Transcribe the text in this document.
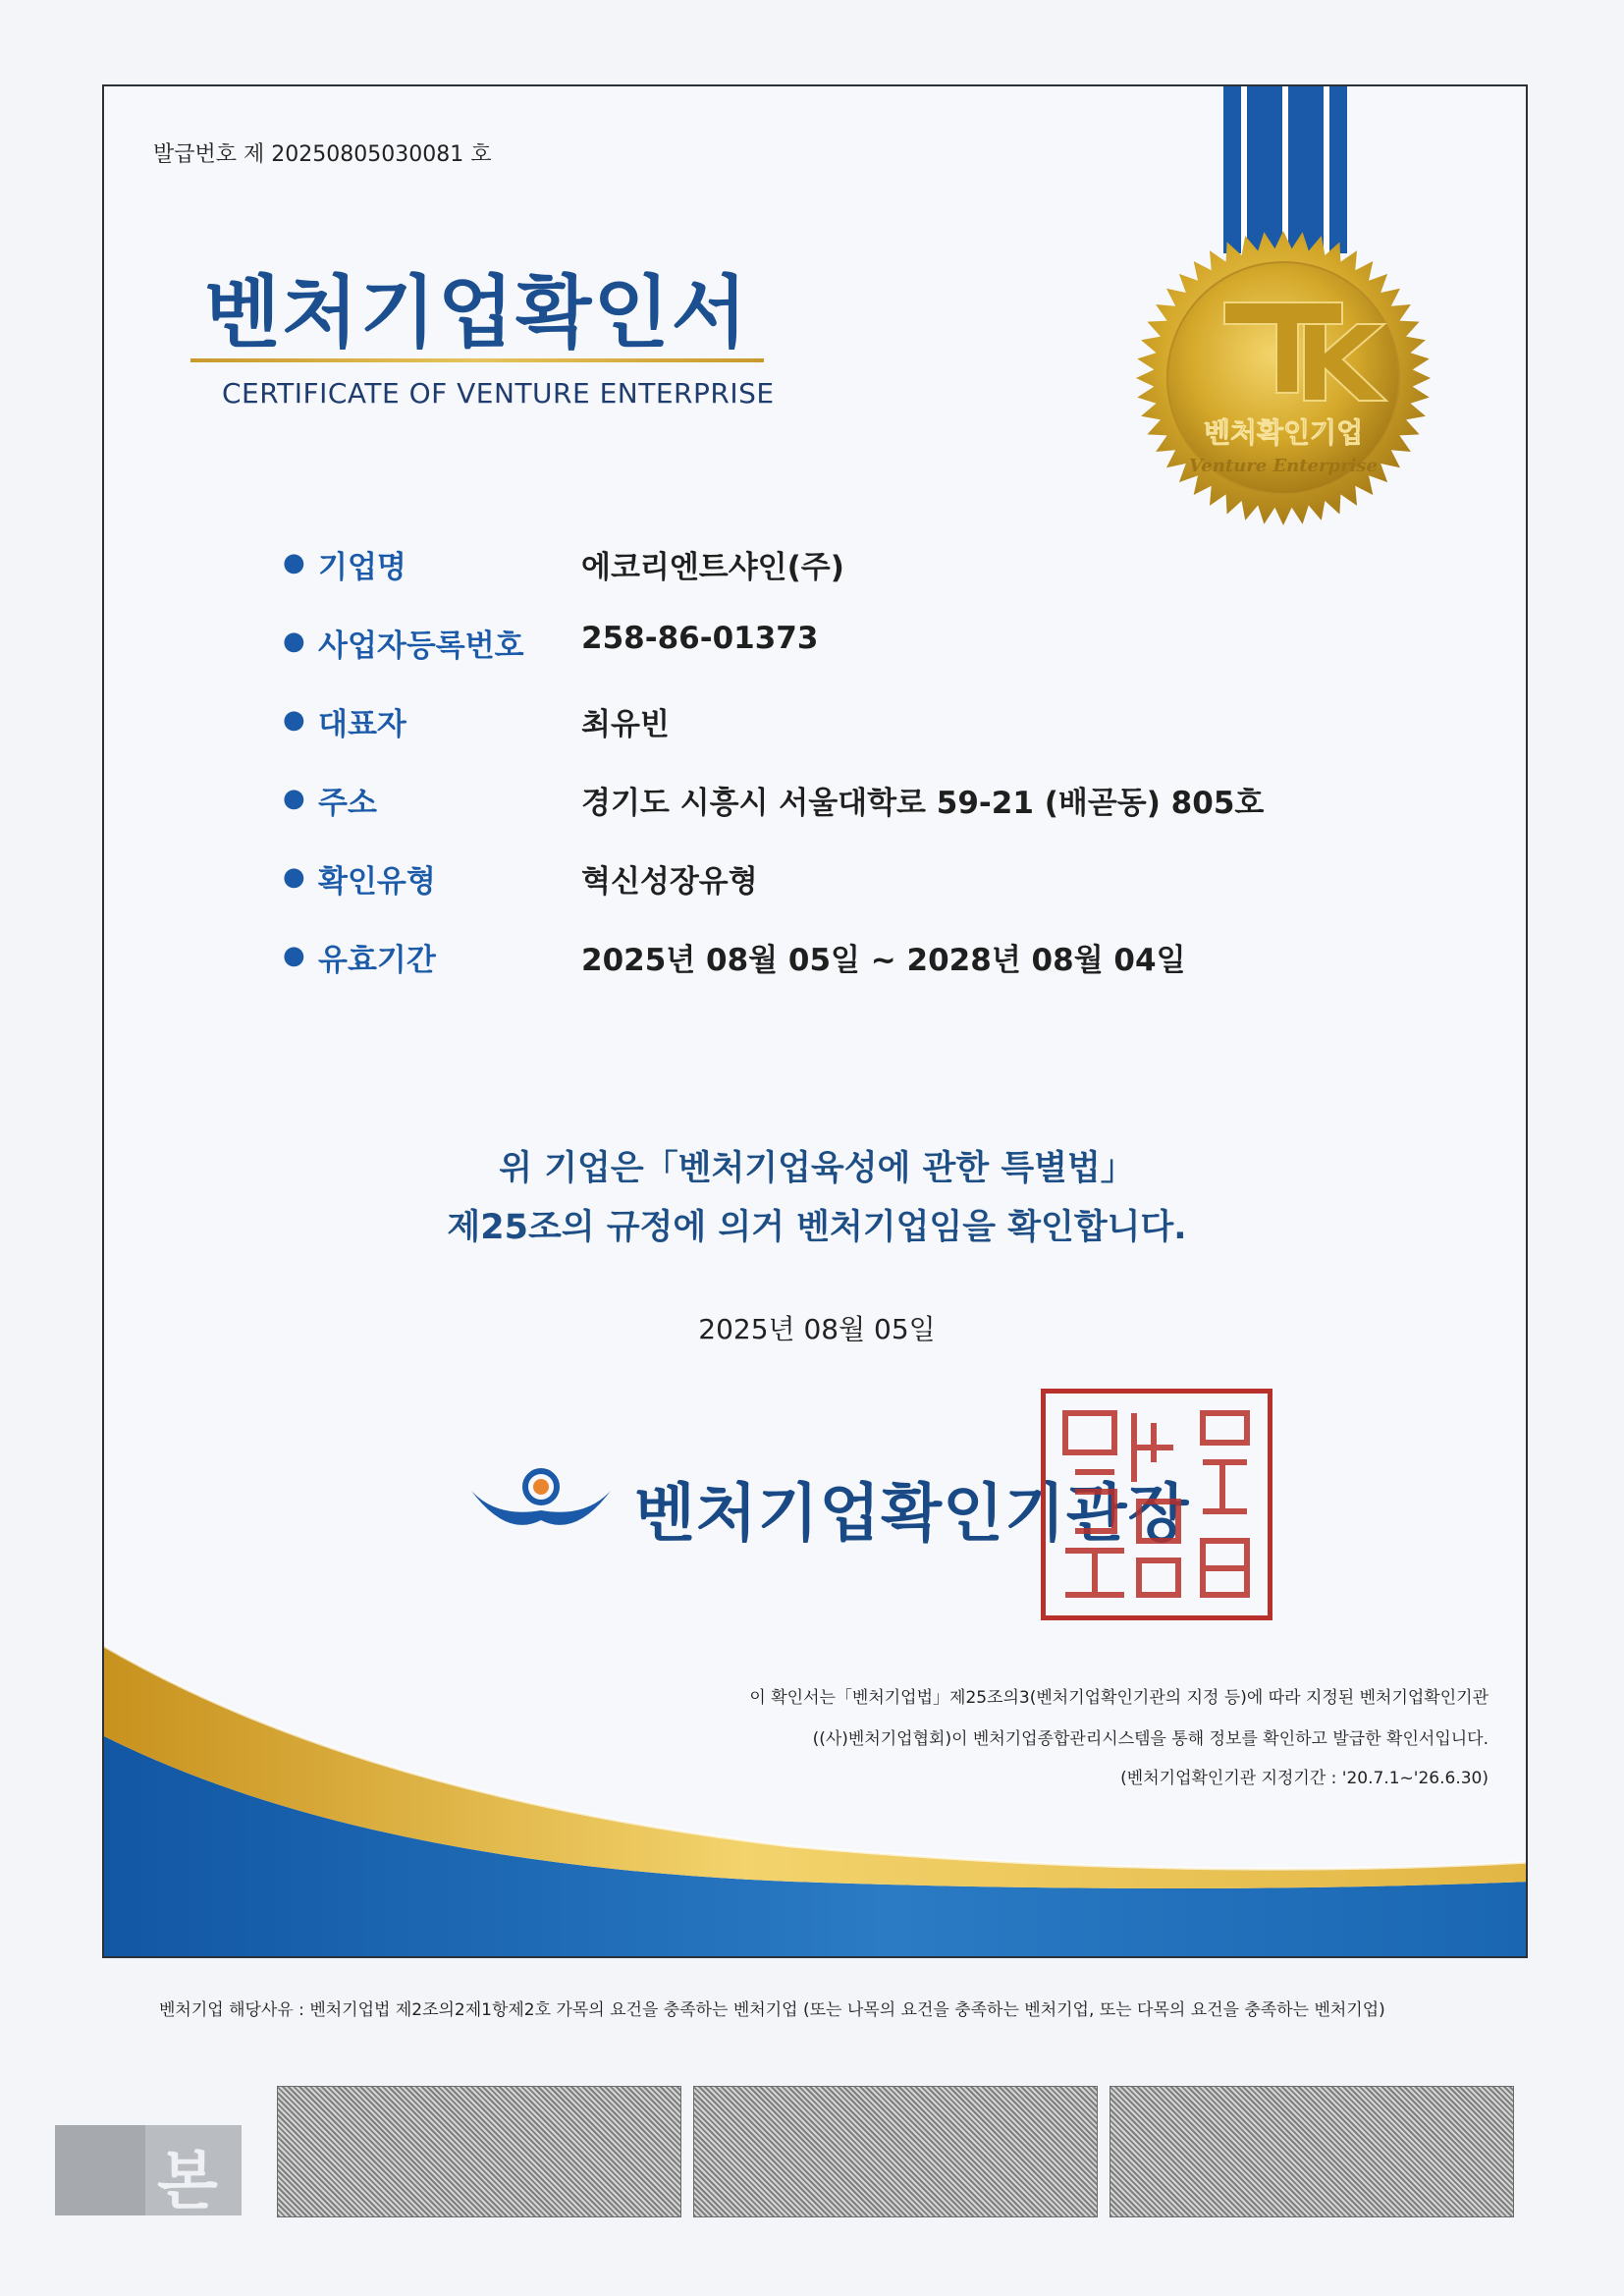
발급번호 제 20250805030081 호
벤처기업확인서
CERTIFICATE OF VENTURE ENTERPRISE
벤처확인기업
Venture Enterprise
● 기업명	에코리엔트샤인(주)
● 사업자등록번호 258-86-01373
● 대표자	최유빈
● 주소	경기도 시흥시 서울대학로 59-21 (배곧동) 805호
● 확인유형	혁신성장유형
● 유효기간	2025년 08월 05일 ~ 2028년 08월 04일
위 기업은「벤처기업육성에 관한 특별법」
제25조의 규정에 의거 벤처기업임을 확인합니다.
2025년 08월 05일
벤처기업확인기관장
이 확인서는「벤처기업법」제25조의3(벤처기업확인기관의 지정 등)에 따라 지정된 벤처기업확인기관
((사)벤처기업협회)이 벤처기업종합관리시스템을 통해 정보를 확인하고 발급한 확인서입니다.
(벤처기업확인기관 지정기간 : '20.7.1~'26.6.30)
벤처기업 해당사유 : 벤처기업법 제2조의2제1항제2호 가목의 요건을 충족하는 벤처기업 (또는 나목의 요건을 충족하는 벤처기업, 또는 다목의 요건을 충족하는 벤처기업)
본
